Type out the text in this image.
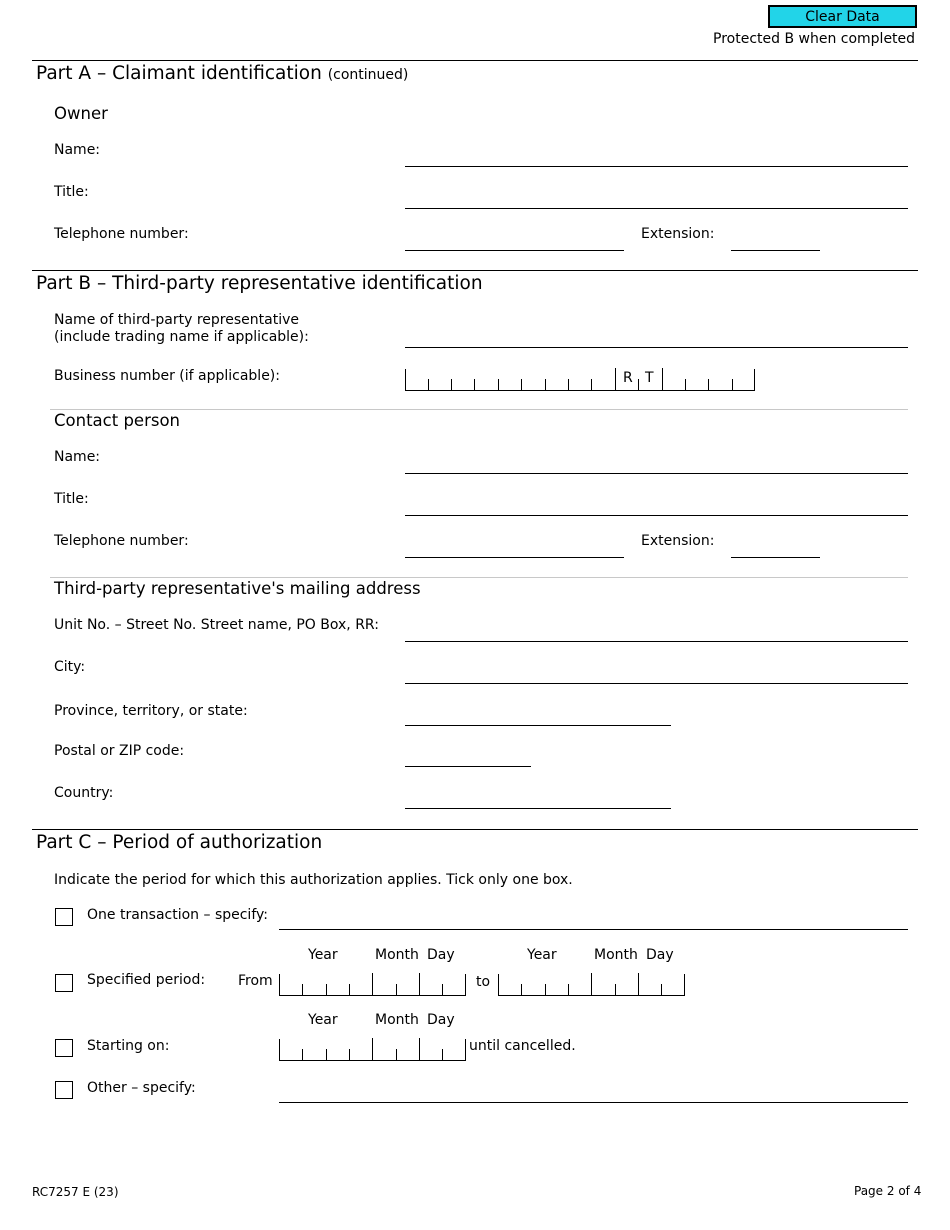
Clear Data
Protected B when completed
Part A – Claimant identification (continued)
Owner
Name:
Title:
Telephone number:	Extension:
Part B – Third-party representative identification
Name of third-party representative
(include trading name if applicable):
Business number (if applicable):	R T
Contact person
Name:
Title:
Telephone number:	Extension:
Third-party representative's mailing address
Unit No. – Street No. Street name, PO Box, RR:
City:
Province, territory, or state:
Postal or ZIP code:
Country:
Part C – Period of authorization
Indicate the period for which this authorization applies. Tick only one box.
One transaction – specify:
Year	Month Day	Year	Month Day
Specified period: From	to
Year	Month Day
Starting on:	until cancelled.
Other – specify:
RC7257 E (23)	Page 2 of 4
